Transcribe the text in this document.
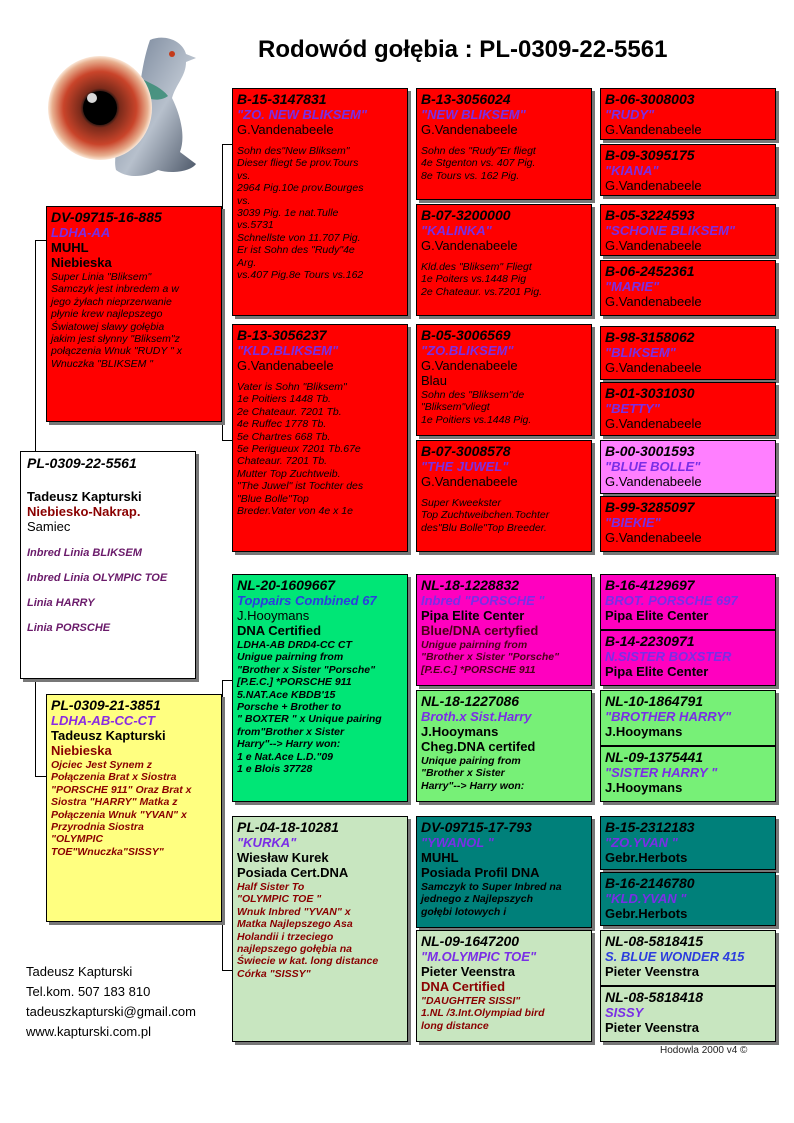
Rodowód gołębia : PL-0309-22-5561
PL-0309-22-5561
Tadeusz Kapturski
Niebiesko-Nakrap.
Samiec

Inbred Linia BLIKSEM

Inbred Linia OLYMPIC TOE

Linia HARRY

Linia PORSCHE

DV-09715-16-885
LDHA-AA
MUHL
Niebieska
Super Linia "Bliksem"
Samczyk jest inbredem a w
jego żyłach nieprzerwanie
płynie krew najlepszego
Światowej sławy gołębia
jakim jest słynny "Bliksem"z
połączenia Wnuk "RUDY " x
Wnuczka "BLIKSEM "
PL-0309-21-3851
LDHA-AB-CC-CT
Tadeusz Kapturski
Niebieska
Ojciec Jest Synem z
Połączenia Brat x Siostra
"PORSCHE 911" Oraz Brat x
Siostra "HARRY" Matka z
Połączenia Wnuk "YVAN" x
Przyrodnia Siostra
"OLYMPIC
TOE"Wnuczka"SISSY"
B-15-3147831
"ZO. NEW BLIKSEM"
G.Vandenabeele
Sohn des"New Bliksem"
Dieser fliegt 5e prov.Tours
vs.
2964 Pig.10e prov.Bourges
vs.
3039 Pig. 1e nat.Tulle
vs.5731
Schnellste von 11.707 Pig.
Er ist Sohn des "Rudy"4e
Arg.
vs.407 Pig.8e Tours vs.162
B-13-3056237
"KLD.BLIKSEM"
G.Vandenabeele
Vater is Sohn "Bliksem"
1e Poitiers 1448 Tb.
2e Chateaur. 7201 Tb.
4e Ruffec 1778 Tb.
5e Chartres 668 Tb.
5e Perigueux 7201 Tb.67e
Chateaur. 7201 Tb.
Mutter Top Zuchtweib.
"The Juwel" ist Tochter des
"Blue Bolle"Top
Breder.Vater von 4e x 1e
NL-20-1609667
Toppairs Combined 67
J.Hooymans
DNA Certified
LDHA-AB DRD4-CC CT
Unigue pairning from
"Brother x Sister "Porsche"
[P.E.C.] *PORSCHE 911
5.NAT.Ace KBDB'15
Porsche + Brother to
" BOXTER " x Unique pairing
from"Brother x Sister
Harry"--> Harry won:
1 e Nat.Ace L.D."09
1 e Blois 37728
PL-04-18-10281
"KURKA"
Wiesław Kurek
Posiada Cert.DNA
Half Sister To
"OLYMPIC TOE "
Wnuk Inbred "YVAN" x
Matka Najlepszego Asa
Holandii i trzeciego
najlepszego gołębia na
Świecie w kat. long distance
Córka "SISSY"
B-13-3056024
"NEW BLIKSEM"
G.Vandenabeele
Sohn des "Rudy"Er fliegt
4e Stgenton vs. 407 Pig.
8e Tours vs. 162 Pig.
B-07-3200000
"KALINKA"
G.Vandenabeele
Kld.des "Bliksem" Fliegt
1e Poiters vs.1448 Pig
2e Chateaur. vs.7201 Pig.
B-05-3006569
"ZO.BLIKSEM"
G.Vandenabeele
Blau
Sohn des "Bliksem"de
"Bliksem"vliegt
1e Poitiers vs.1448 Pig.
B-07-3008578
"THE JUWEL"
G.Vandenabeele
Super Kweekster
Top Zuchtweibchen.Tochter
des"Blu Bolle"Top Breeder.
NL-18-1228832
Inbred "PORSCHE "
Pipa Elite Center
Blue/DNA certyfied
Unigue pairning from
"Brother x Sister "Porsche"
[P.E.C.] *PORSCHE 911
NL-18-1227086
Broth.x Sist.Harry
J.Hooymans
Cheg.DNA certifed
Unique pairing from
"Brother x Sister
Harry"--> Harry won:
DV-09715-17-793
"YWANOL "
MUHL
Posiada Profil DNA
Samczyk to Super Inbred na
jednego z Najlepszych
gołębi lotowych i
NL-09-1647200
"M.OLYMPIC TOE"
Pieter Veenstra
DNA Certified
"DAUGHTER SISSI"
1.NL /3.Int.Olympiad bird
long distance
B-06-3008003
"RUDY"
G.Vandenabeele
B-09-3095175
"KIANA"
G.Vandenabeele
B-05-3224593
"SCHONE BLIKSEM"
G.Vandenabeele
B-06-2452361
"MARIE"
G.Vandenabeele
B-98-3158062
"BLIKSEM"
G.Vandenabeele
B-01-3031030
"BETTY"
G.Vandenabeele
B-00-3001593
"BLUE BOLLE"
G.Vandenabeele
B-99-3285097
"BIEKIE"
G.Vandenabeele
B-16-4129697
BROT. PORSCHE 697
Pipa Elite Center
B-14-2230971
N.SISTER BOXSTER
Pipa Elite Center
NL-10-1864791
"BROTHER HARRY"
J.Hooymans
NL-09-1375441
"SISTER HARRY "
J.Hooymans
B-15-2312183
"ZO.YVAN "
Gebr.Herbots
B-16-2146780
"KLD.YVAN "
Gebr.Herbots
NL-08-5818415
S. BLUE WONDER 415
Pieter Veenstra
NL-08-5818418
SISSY
Pieter Veenstra
Tadeusz Kapturski
Tel.kom. 507 183 810
tadeuszkapturski@gmail.com
www.kapturski.com.pl
Hodowla 2000 v4 ©
